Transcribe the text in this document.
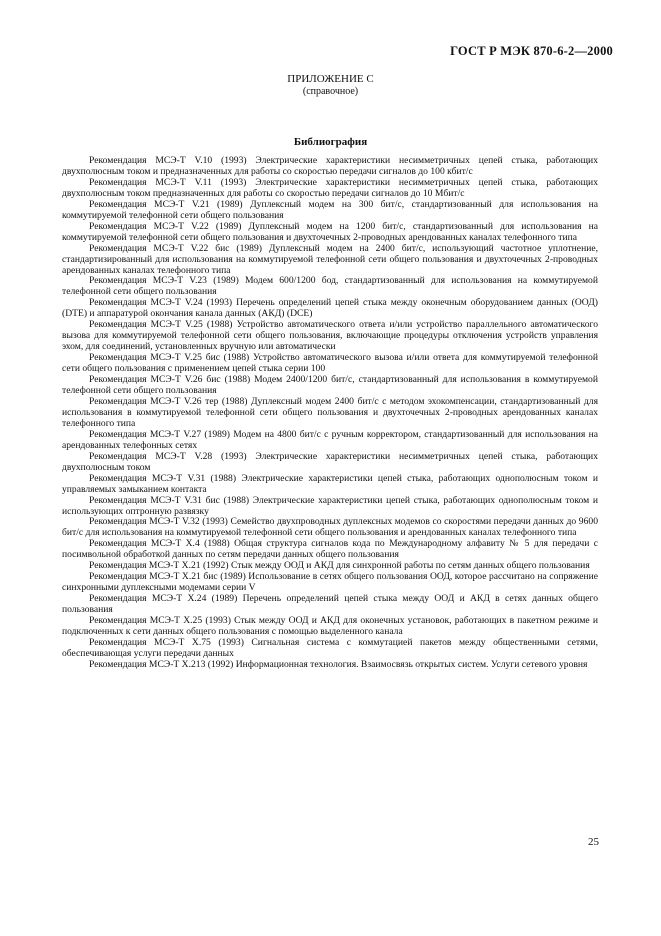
ГОСТ Р МЭК 870-6-2—2000
ПРИЛОЖЕНИЕ С
(справочное)
Библиография

Рекомендация МСЭ-Т V.10 (1993) Электрические характеристики несимметричных цепей стыка, работающих двухполюсным током и предназначенных для работы со скоростью передачи сигналов до 100 кбит/с

Рекомендация МСЭ-Т V.11 (1993) Электрические характеристики несимметричных цепей стыка, работающих двухполюсным током предназначенных для работы со скоростью передачи сигналов до 10 Мбит/с

Рекомендация МСЭ-Т V.21 (1989) Дуплексный модем на 300 бит/с, стандартизованный для использования на коммутируемой телефонной сети общего пользования

Рекомендация МСЭ-Т V.22 (1989) Дуплексный модем на 1200 бит/с, стандартизованный для использования на коммутируемой телефонной сети общего пользования и двухточечных 2-проводных арендованных каналах телефонного типа

Рекомендация МСЭ-Т V.22 бис (1989) Дуплексный модем на 2400 бит/с, использующий частотное уплотнение, стандартизированный для использования на коммутируемой телефонной сети общего пользования и двухточечных 2-проводных арендованных каналах телефонного типа

Рекомендация МСЭ-Т V.23 (1989) Модем 600/1200 бод, стандартизованный для использования на коммутируемой телефонной сети общего пользования

Рекомендация МСЭ-Т V.24 (1993) Перечень определений цепей стыка между оконечным оборудованием данных (ООД) (DTE) и аппаратурой окончания канала данных (АКД) (DCE)

Рекомендация МСЭ-Т V.25 (1988) Устройство автоматического ответа и/или устройство параллельного автоматического вызова для коммутируемой телефонной сети общего пользования, включающие процедуры отключения устройств управления эхом, для соединений, установленных вручную или автоматически

Рекомендация МСЭ-Т V.25 бис (1988) Устройство автоматического вызова и/или ответа для коммутируемой телефонной сети общего пользования с применением цепей стыка серии 100

Рекомендация МСЭ-Т V.26 бис (1988) Модем 2400/1200 бит/с, стандартизованный для использования в коммутируемой телефонной сети общего пользования

Рекомендация МСЭ-Т V.26 тер (1988) Дуплексный модем 2400 бит/с с методом эхокомпенсации, стандартизованный для использования в коммутируемой телефонной сети общего пользования и двухточечных 2-проводных арендованных каналах телефонного типа

Рекомендация МСЭ-Т V.27 (1989) Модем на 4800 бит/с с ручным корректором, стандартизованный для использования на арендованных телефонных сетях

Рекомендация МСЭ-Т V.28 (1993) Электрические характеристики несимметричных цепей стыка, работающих двухполюсным током

Рекомендация МСЭ-Т V.31 (1988) Электрические характеристики цепей стыка, работающих однополюсным током и управляемых замыканием контакта

Рекомендация МСЭ-Т V.31 бис (1988) Электрические характеристики цепей стыка, работающих однополюсным током и использующих оптронную развязку

Рекомендация МСЭ-Т V.32 (1993) Семейство двухпроводных дуплексных модемов со скоростями передачи данных до 9600 бит/с для использования на коммутируемой телефонной сети общего пользования и арендованных каналах телефонного типа

Рекомендация МСЭ-Т X.4 (1988) Общая структура сигналов кода по Международному алфавиту № 5 для передачи с посимвольной обработкой данных по сетям передачи данных общего пользования

Рекомендация МСЭ-Т X.21 (1992) Стык между ООД и АКД для синхронной работы по сетям данных общего пользования

Рекомендация МСЭ-Т X.21 бис (1989) Использование в сетях общего пользования ООД, которое рассчитано на сопряжение синхронными дуплексными модемами серии V

Рекомендация МСЭ-Т X.24 (1989) Перечень определений цепей стыка между ООД и АКД в сетях данных общего пользования

Рекомендация МСЭ-Т X.25 (1993) Стык между ООД и АКД для оконечных установок, работающих в пакетном режиме и подключенных к сети данных общего пользования с помощью выделенного канала

Рекомендация МСЭ-Т X.75 (1993) Сигнальная система с коммутацией пакетов между общественными сетями, обеспечивающая услуги передачи данных

Рекомендация МСЭ-Т X.213 (1992) Информационная технология. Взаимосвязь открытых систем. Услуги сетевого уровня

25
